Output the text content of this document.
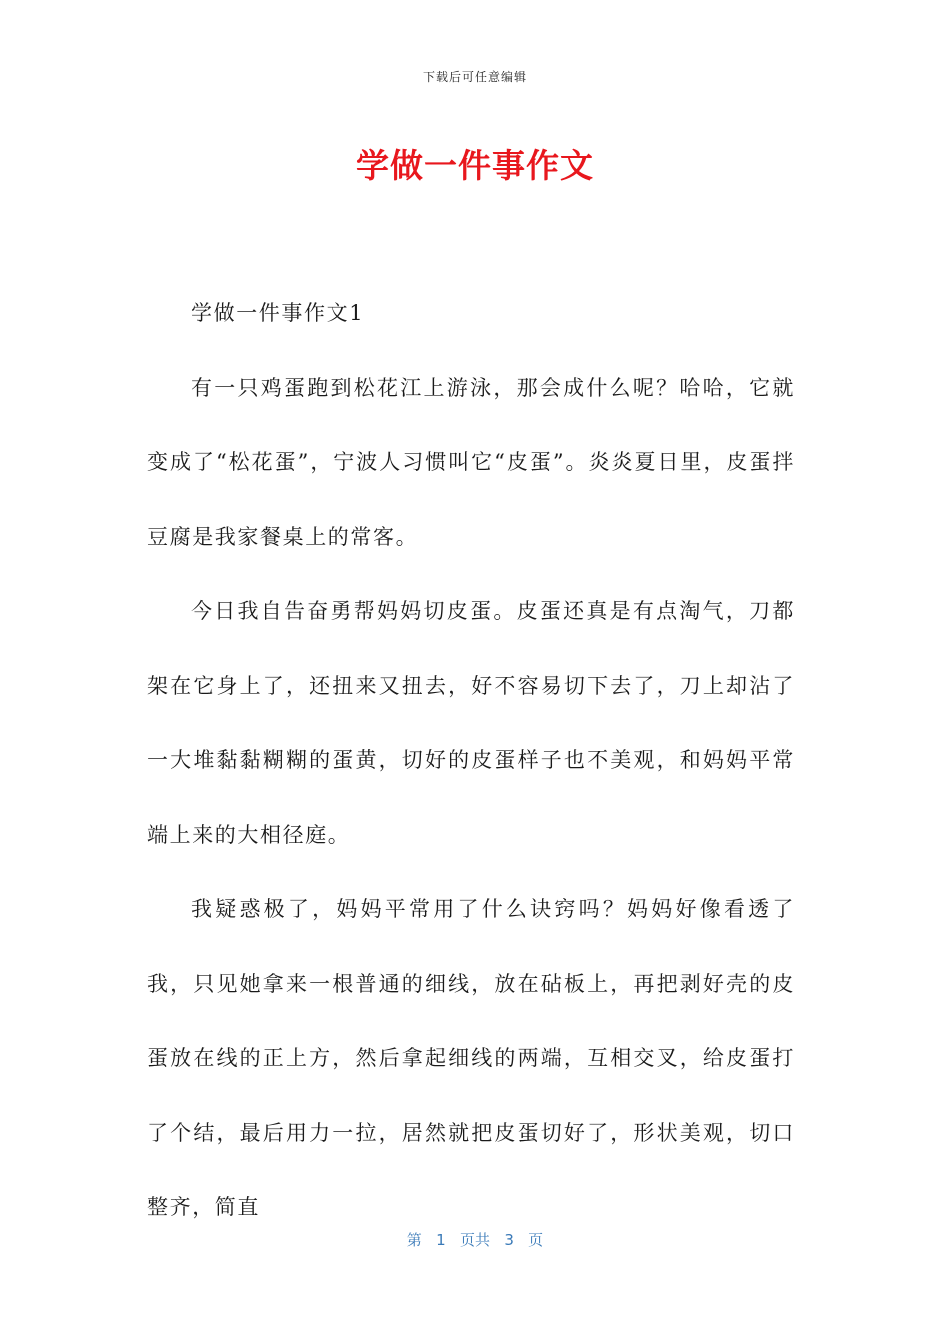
下载后可任意编辑
学做一件事作文

学做一件事作文1

有一只鸡蛋跑到松花江上游泳，那会成什么呢？哈哈，它就变成了“松花蛋”，宁波人习惯叫它“皮蛋”。炎炎夏日里，皮蛋拌豆腐是我家餐桌上的常客。

今日我自告奋勇帮妈妈切皮蛋。皮蛋还真是有点淘气，刀都架在它身上了，还扭来又扭去，好不容易切下去了，刀上却沾了一大堆黏黏糊糊的蛋黄，切好的皮蛋样子也不美观，和妈妈平常端上来的大相径庭。

我疑惑极了，妈妈平常用了什么诀窍吗？妈妈好像看透了我，只见她拿来一根普通的细线，放在砧板上，再把剥好壳的皮蛋放在线的正上方，然后拿起细线的两端，互相交叉，给皮蛋打了个结，最后用力一拉，居然就把皮蛋切好了，形状美观，切口整齐，简直

第 1 页共 3 页
